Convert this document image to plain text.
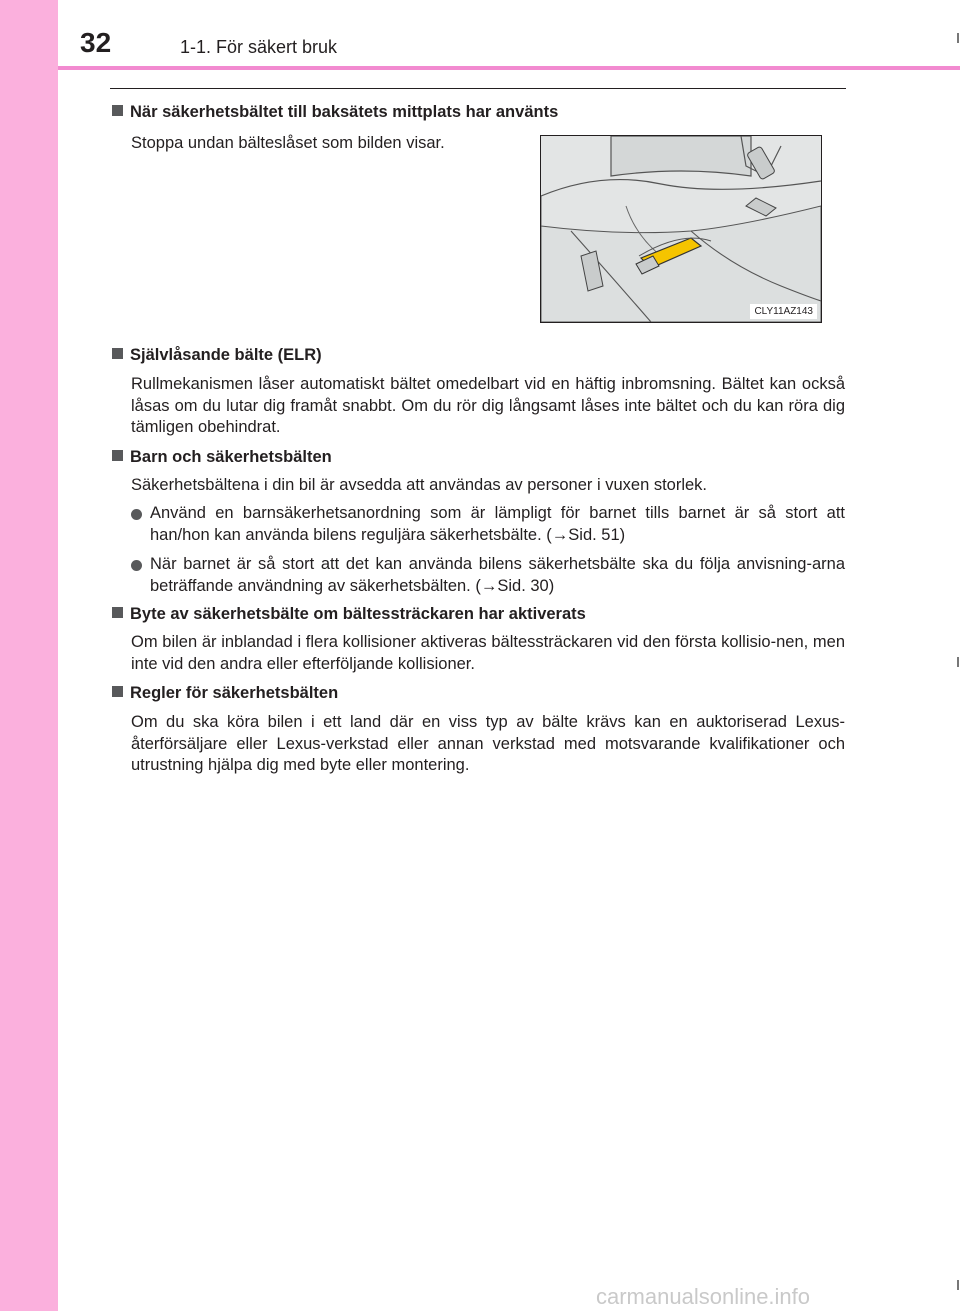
32	1-1. För säkert bruk
När säkerhetsbältet till baksätets mittplats har använts
Stoppa undan bälteslåset som bilden visar.
CLY11AZ143
Självlåsande bälte (ELR)
Rullmekanismen låser automatiskt bältet omedelbart vid en häftig inbromsning. Bältet kan också låsas om du lutar dig framåt snabbt. Om du rör dig långsamt låses inte bältet och du kan röra dig tämligen obehindrat.
Barn och säkerhetsbälten
Säkerhetsbältena i din bil är avsedda att användas av personer i vuxen storlek.
Använd en barnsäkerhetsanordning som är lämpligt för barnet tills barnet är så stort att han/hon kan använda bilens reguljära säkerhetsbälte. (→Sid. 51)
När barnet är så stort att det kan använda bilens säkerhetsbälte ska du följa anvisning-arna beträffande användning av säkerhetsbälten. (→Sid. 30)
Byte av säkerhetsbälte om bältessträckaren har aktiverats
Om bilen är inblandad i flera kollisioner aktiveras bältessträckaren vid den första kollisio-nen, men inte vid den andra eller efterföljande kollisioner.
Regler för säkerhetsbälten
Om du ska köra bilen i ett land där en viss typ av bälte krävs kan en auktoriserad Lexus-återförsäljare eller Lexus-verkstad eller annan verkstad med motsvarande kvalifikationer och utrustning hjälpa dig med byte eller montering.
carmanualsonline.info
